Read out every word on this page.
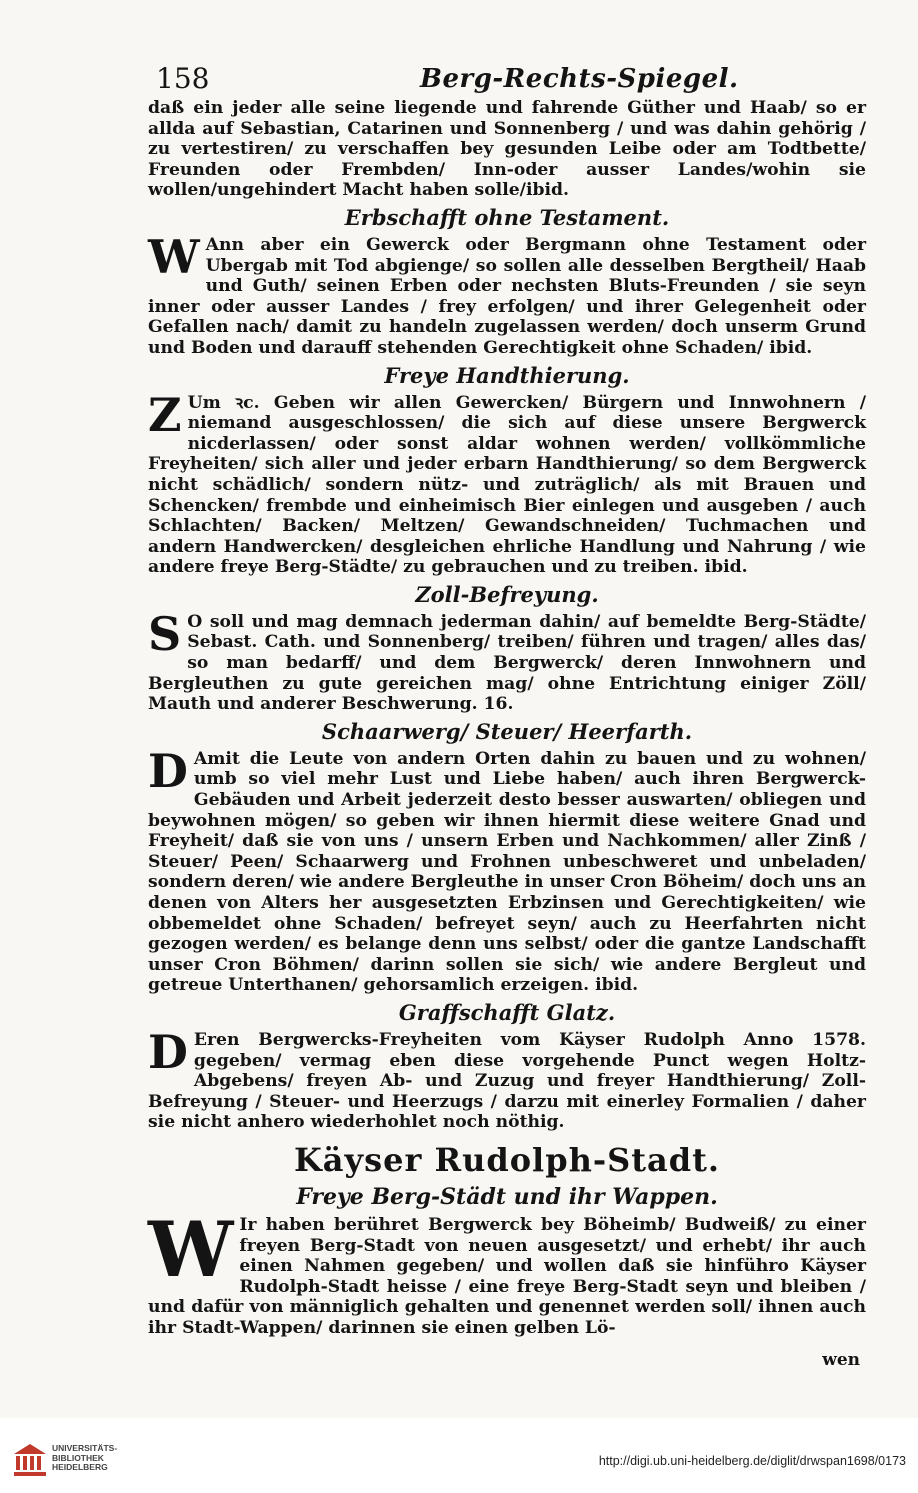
158	Berg-Rechts-Spiegel.

daß ein jeder alle seine liegende und fahrende Güther und Haab/ so er allda auf Sebastian, Catarinen und Sonnenberg / und was dahin gehörig / zu vertestiren/ zu verschaffen bey gesunden Leibe oder am Todtbette/ Freunden oder Frembden/ Inn-oder ausser Landes/wohin sie wollen/ungehindert Macht haben solle/ibid.

Erbschafft ohne Testament.

W Ann aber ein Gewerck oder Bergmann ohne Testament oder Ubergab mit Tod abgienge/ so sollen alle desselben Bergtheil/ Haab und Guth/ seinen Erben oder nechsten Bluts-Freunden / sie seyn inner oder ausser Landes / frey erfolgen/ und ihrer Gelegenheit oder Gefallen nach/ damit zu handeln zugelassen werden/ doch unserm Grund und Boden und darauff stehenden Gerechtigkeit ohne Schaden/ ibid.

Freye Handthierung.

Z Um ꝛc. Geben wir allen Gewercken/ Bürgern und Innwohnern / niemand ausgeschlossen/ die sich auf diese unsere Bergwerck nicderlassen/ oder sonst aldar wohnen werden/ vollkömmliche Freyheiten/ sich aller und jeder erbarn Handthierung/ so dem Bergwerck nicht schädlich/ sondern nütz- und zuträglich/ als mit Brauen und Schencken/ frembde und einheimisch Bier einlegen und ausgeben / auch Schlachten/ Backen/ Meltzen/ Gewandschneiden/ Tuchmachen und andern Handwercken/ desgleichen ehrliche Handlung und Nahrung / wie andere freye Berg-Städte/ zu gebrauchen und zu treiben. ibid.

Zoll-Befreyung.

S O soll und mag demnach jederman dahin/ auf bemeldte Berg-Städte/ Sebast. Cath. und Sonnenberg/ treiben/ führen und tragen/ alles das/ so man bedarff/ und dem Bergwerck/ deren Innwohnern und Bergleuthen zu gute gereichen mag/ ohne Entrichtung einiger Zöll/ Mauth und anderer Beschwerung. 16.

Schaarwerg/ Steuer/ Heerfarth.

D Amit die Leute von andern Orten dahin zu bauen und zu wohnen/ umb so viel mehr Lust und Liebe haben/ auch ihren Bergwerck-Gebäuden und Arbeit jederzeit desto besser auswarten/ obliegen und beywohnen mögen/ so geben wir ihnen hiermit diese weitere Gnad und Freyheit/ daß sie von uns / unsern Erben und Nachkommen/ aller Zinß / Steuer/ Peen/ Schaarwerg und Frohnen unbeschweret und unbeladen/ sondern deren/ wie andere Bergleuthe in unser Cron Böheim/ doch uns an denen von Alters her ausgesetzten Erbzinsen und Gerechtigkeiten/ wie obbemeldet ohne Schaden/ befreyet seyn/ auch zu Heerfahrten nicht gezogen werden/ es belange denn uns selbst/ oder die gantze Landschafft unser Cron Böhmen/ darinn sollen sie sich/ wie andere Bergleut und getreue Unterthanen/ gehorsamlich erzeigen. ibid.

Graffschafft Glatz.

D Eren Bergwercks-Freyheiten vom Käyser Rudolph Anno 1578. gegeben/ vermag eben diese vorgehende Punct wegen Holtz-Abgebens/ freyen Ab- und Zuzug und freyer Handthierung/ Zoll-Befreyung / Steuer- und Heerzugs / darzu mit einerley Formalien / daher sie nicht anhero wiederhohlet noch nöthig.

Käyser Rudolph-Stadt.
Freye Berg-Städt und ihr Wappen.

W Ir haben berühret Bergwerck bey Böheimb/ Budweiß/ zu einer freyen Berg-Stadt von neuen ausgesetzt/ und erhebt/ ihr auch einen Nahmen gegeben/ und wollen daß sie hinführo Käyser Rudolph-Stadt heisse / eine freye Berg-Stadt seyn und bleiben / und dafür von männiglich gehalten und genennet werden soll/ ihnen auch ihr Stadt-Wappen/ darinnen sie einen gelben Lö-

wen
UNIVERSITÄTS-
BIBLIOTHEK
HEIDELBERG	http://digi.ub.uni-heidelberg.de/diglit/drwspan1698/0173
